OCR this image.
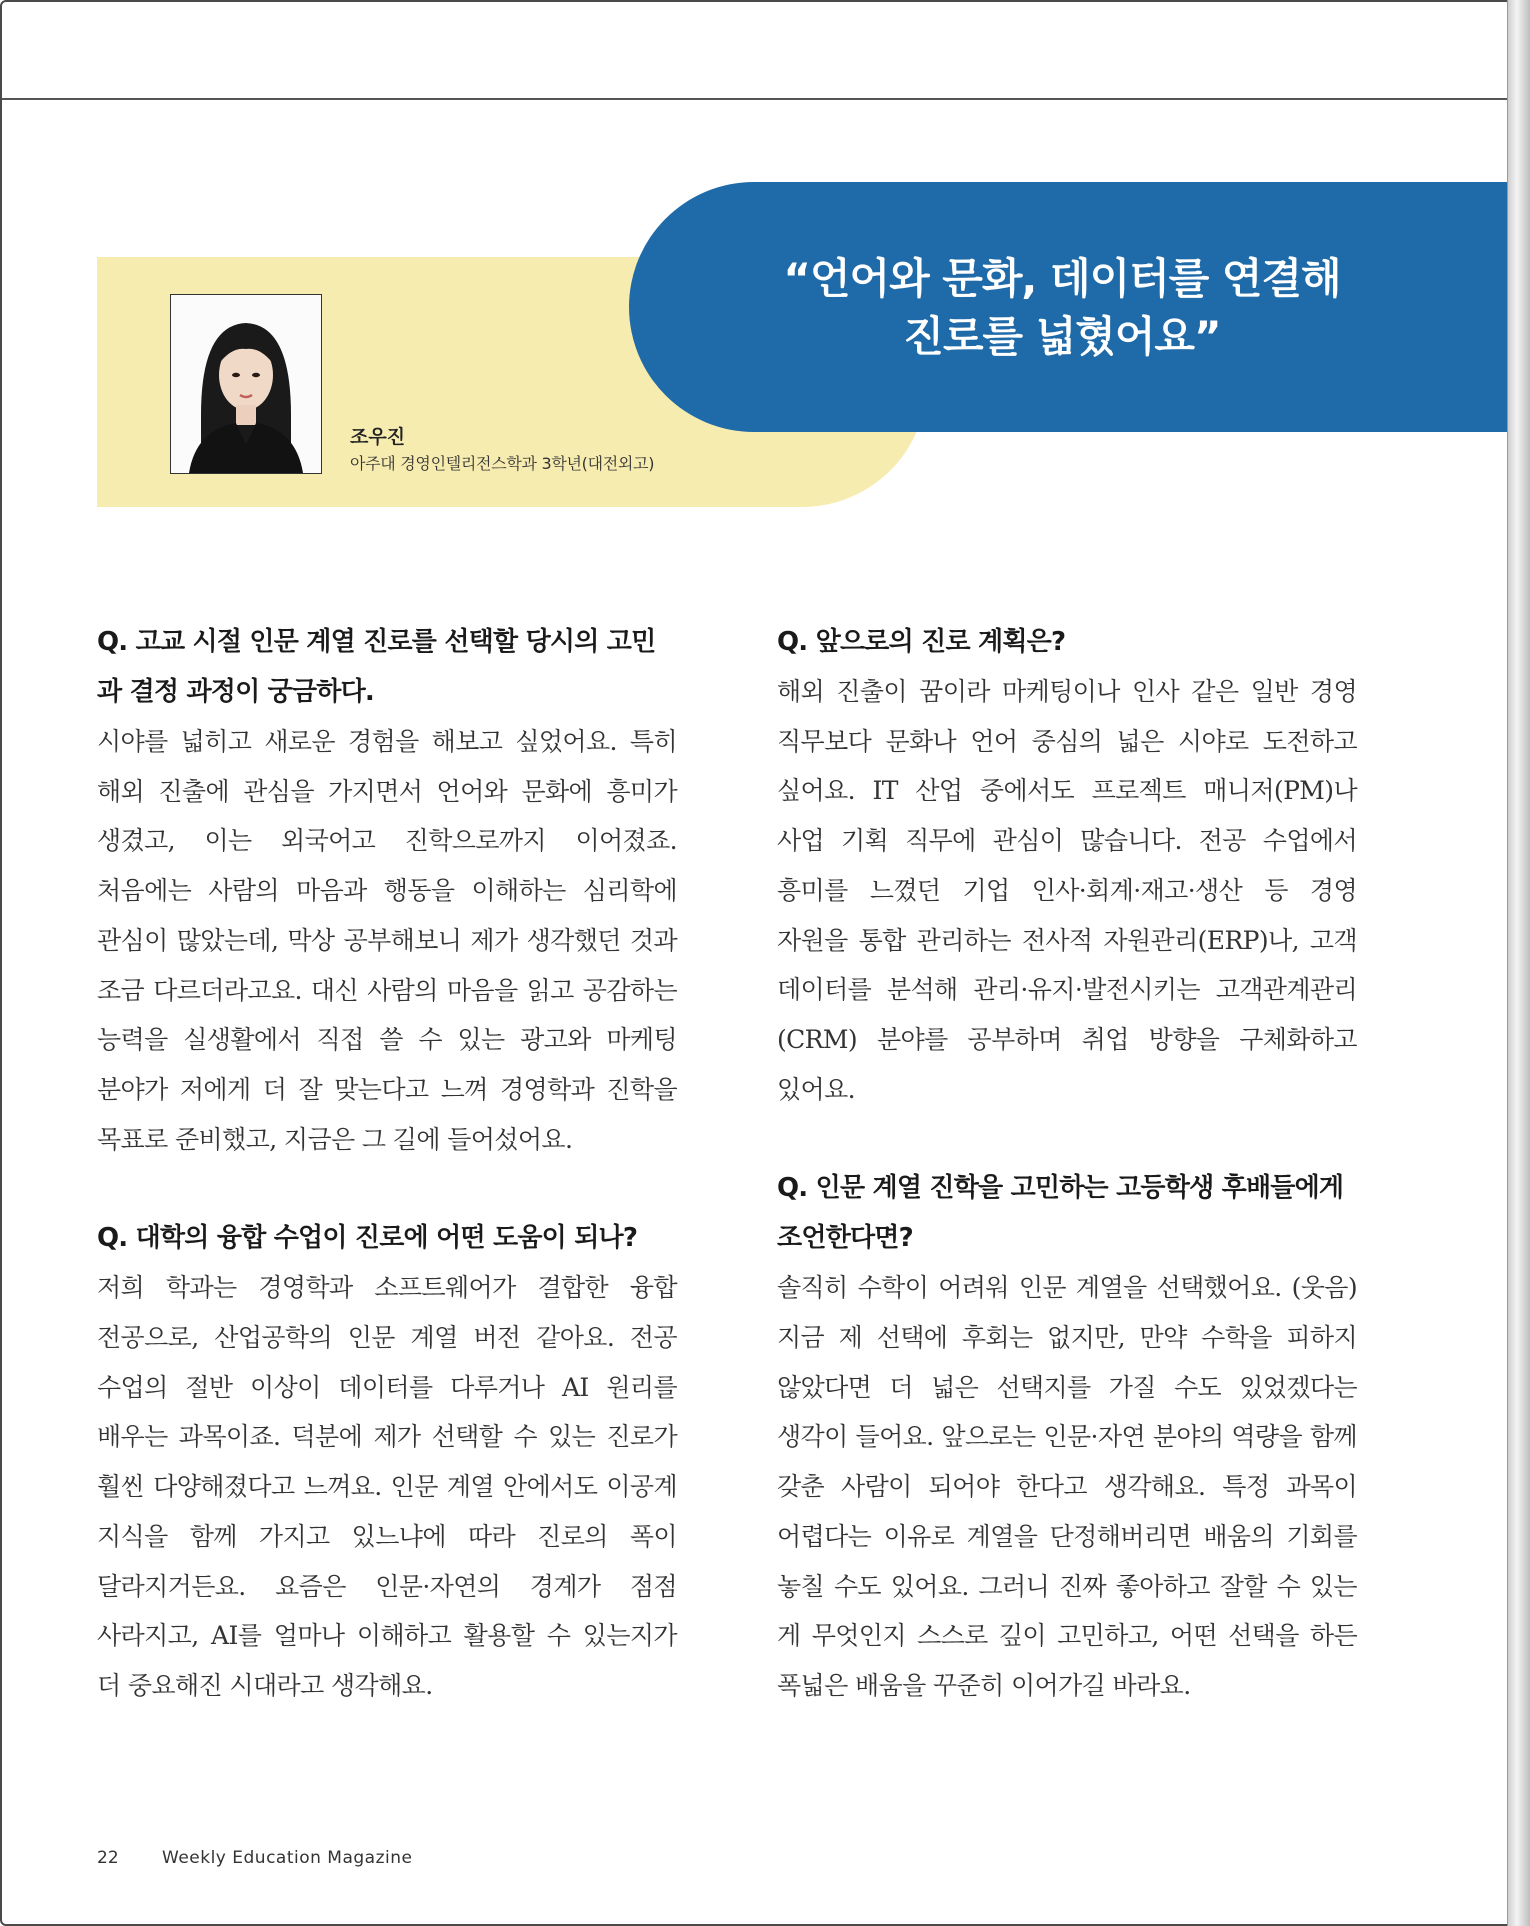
“언어와 문화, 데이터를 연결해
진로를 넓혔어요”
조우진
아주대 경영인텔리전스학과 3학년(대전외고)

Q. 고교 시절 인문 계열 진로를 선택할 당시의 고민과 결정 과정이 궁금하다.

시야를 넓히고 새로운 경험을 해보고 싶었어요. 특히 해외 진출에 관심을 가지면서 언어와 문화에 흥미가 생겼고, 이는 외국어고 진학으로까지 이어졌죠. 처음에는 사람의 마음과 행동을 이해하는 심리학에 관심이 많았는데, 막상 공부해보니 제가 생각했던 것과 조금 다르더라고요. 대신 사람의 마음을 읽고 공감하는 능력을 실생활에서 직접 쓸 수 있는 광고와 마케팅 분야가 저에게 더 잘 맞는다고 느껴 경영학과 진학을 목표로 준비했고, 지금은 그 길에 들어섰어요.

Q. 대학의 융합 수업이 진로에 어떤 도움이 되나?

저희 학과는 경영학과 소프트웨어가 결합한 융합 전공으로, 산업공학의 인문 계열 버전 같아요. 전공 수업의 절반 이상이 데이터를 다루거나 AI 원리를 배우는 과목이죠. 덕분에 제가 선택할 수 있는 진로가 훨씬 다양해졌다고 느껴요. 인문 계열 안에서도 이공계 지식을 함께 가지고 있느냐에 따라 진로의 폭이 달라지거든요. 요즘은 인문·자연의 경계가 점점 사라지고, AI를 얼마나 이해하고 활용할 수 있는지가 더 중요해진 시대라고 생각해요.

Q. 앞으로의 진로 계획은?

해외 진출이 꿈이라 마케팅이나 인사 같은 일반 경영 직무보다 문화나 언어 중심의 넓은 시야로 도전하고 싶어요. IT 산업 중에서도 프로젝트 매니저(PM)나 사업 기획 직무에 관심이 많습니다. 전공 수업에서 흥미를 느꼈던 기업 인사·회계·재고·생산 등 경영 자원을 통합 관리하는 전사적 자원관리(ERP)나, 고객 데이터를 분석해 관리·유지·발전시키는 고객관계관리(CRM) 분야를 공부하며 취업 방향을 구체화하고 있어요.

Q. 인문 계열 진학을 고민하는 고등학생 후배들에게 조언한다면?

솔직히 수학이 어려워 인문 계열을 선택했어요. (웃음) 지금 제 선택에 후회는 없지만, 만약 수학을 피하지 않았다면 더 넓은 선택지를 가질 수도 있었겠다는 생각이 들어요. 앞으로는 인문·자연 분야의 역량을 함께 갖춘 사람이 되어야 한다고 생각해요. 특정 과목이 어렵다는 이유로 계열을 단정해버리면 배움의 기회를 놓칠 수도 있어요. 그러니 진짜 좋아하고 잘할 수 있는 게 무엇인지 스스로 깊이 고민하고, 어떤 선택을 하든 폭넓은 배움을 꾸준히 이어가길 바라요.

22	Weekly Education Magazine
